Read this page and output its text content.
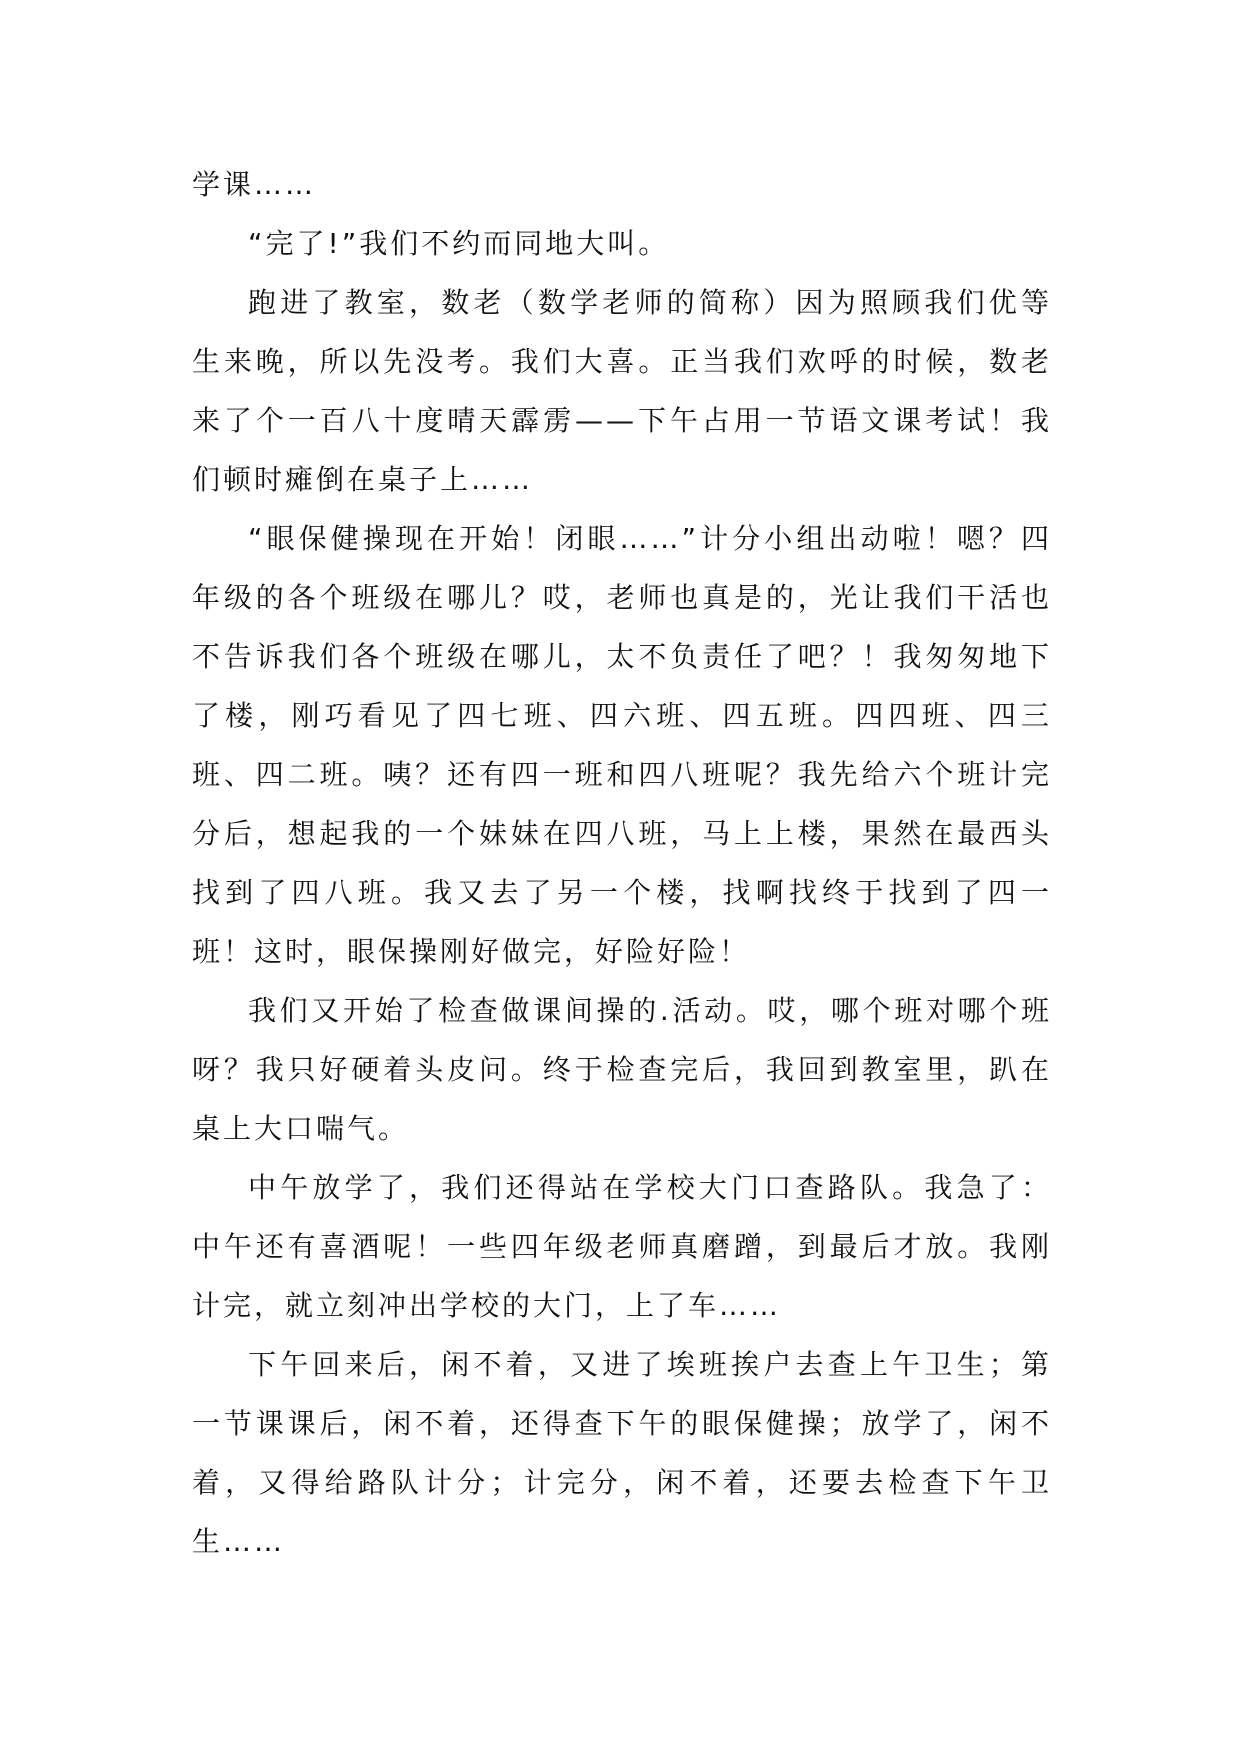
学课……

“完了!”我们不约而同地大叫。

跑进了教室，数老（数学老师的简称）因为照顾我们优等生来晚，所以先没考。我们大喜。正当我们欢呼的时候，数老来了个一百八十度晴天霹雳——下午占用一节语文课考试！我们顿时瘫倒在桌子上……

“眼保健操现在开始！闭眼……”计分小组出动啦！嗯？四年级的各个班级在哪儿？哎，老师也真是的，光让我们干活也不告诉我们各个班级在哪儿，太不负责任了吧？！我匆匆地下了楼，刚巧看见了四七班、四六班、四五班。四四班、四三班、四二班。咦？还有四一班和四八班呢？我先给六个班计完分后，想起我的一个妹妹在四八班，马上上楼，果然在最西头找到了四八班。我又去了另一个楼，找啊找终于找到了四一班！这时，眼保操刚好做完，好险好险！

我们又开始了检查做课间操的.活动。哎，哪个班对哪个班呀？我只好硬着头皮问。终于检查完后，我回到教室里，趴在桌上大口喘气。

中午放学了，我们还得站在学校大门口查路队。我急了：中午还有喜酒呢！一些四年级老师真磨蹭，到最后才放。我刚计完，就立刻冲出学校的大门，上了车……

下午回来后，闲不着，又进了埃班挨户去查上午卫生；第一节课课后，闲不着，还得查下午的眼保健操；放学了，闲不着，又得给路队计分；计完分，闲不着，还要去检查下午卫生……
